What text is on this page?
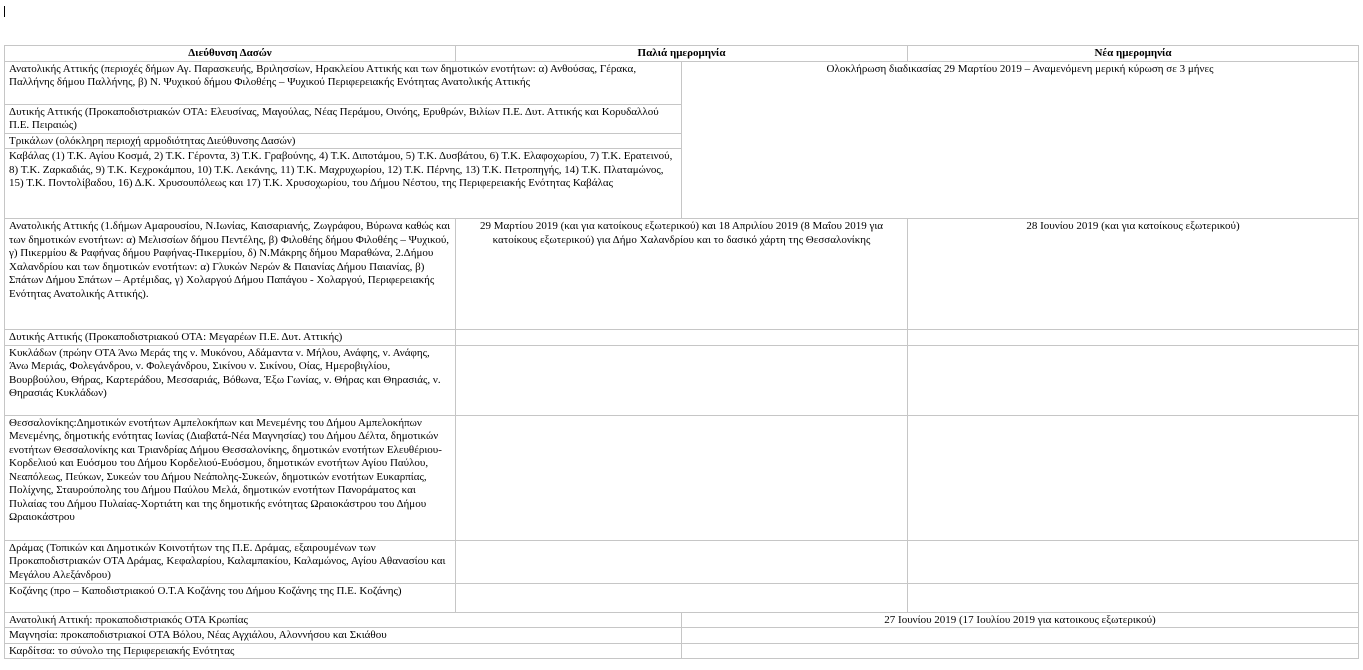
Διεύθυνση Δασών	Παλιά ημερομηνία		Νέα ημερομηνία
Ανατολικής Αττικής (περιοχές δήμων Αγ. Παρασκευής, Βριλησσίων, Ηρακλείου Αττικής και των δημοτικών ενοτήτων: α) Ανθούσας, Γέρακα, Παλλήνης δήμου Παλλήνης, β) Ν. Ψυχικού δήμου Φιλοθέης – Ψυχικού Περιφερειακής Ενότητας Ανατολικής Αττικής		Ολοκλήρωση διαδικασίας 29 Μαρτίου 2019 – Αναμενόμενη μερική κύρωση σε 3 μήνες	
Δυτικής Αττικής (Προκαποδιστριακών ΟΤΑ: Ελευσίνας, Μαγούλας, Νέας Περάμου, Οινόης, Ερυθρών, Βιλίων Π.Ε. Δυτ. Αττικής και Κορυδαλλού Π.Ε. Πειραιώς)			
Τρικάλων (ολόκληρη περιοχή αρμοδιότητας Διεύθυνσης Δασών)			
Καβάλας (1) Τ.Κ. Αγίου Κοσμά, 2) Τ.Κ. Γέροντα, 3) Τ.Κ. Γραβούνης, 4) Τ.Κ. Διποτάμου, 5) Τ.Κ. Δυσβάτου, 6) Τ.Κ. Ελαφοχωρίου, 7) Τ.Κ. Ερατεινού, 8) Τ.Κ. Ζαρκαδιάς, 9) Τ.Κ. Κεχροκάμπου, 10) Τ.Κ. Λεκάνης, 11) Τ.Κ. Μαχρυχωρίου, 12) Τ.Κ. Πέρνης, 13) Τ.Κ. Πετροπηγής, 14) Τ.Κ. Πλαταμώνος, 15) Τ.Κ. Ποντολίβαδου, 16) Δ.Κ. Χρυσουπόλεως και 17) Τ.Κ. Χρυσοχωρίου, του Δήμου Νέστου, της Περιφερειακής Ενότητας Καβάλας			
Ανατολικής Αττικής (1.δήμων Αμαρουσίου, Ν.Ιωνίας, Καισαριανής, Ζωγράφου, Βύρωνα καθώς και των δημοτικών ενοτήτων: α) Μελισσίων δήμου Πεντέλης, β) Φιλοθέης δήμου Φιλοθέης – Ψυχικού, γ) Πικερμίου & Ραφήνας δήμου Ραφήνας-Πικερμίου, δ) Ν.Μάκρης δήμου Μαραθώνα, 2.Δήμου Χαλανδρίου και των δημοτικών ενοτήτων: α) Γλυκών Νερών & Παιανίας Δήμου Παιανίας, β) Σπάτων Δήμου Σπάτων – Αρτέμιδας, γ) Χολαργού Δήμου Παπάγου - Χολαργού, Περιφερειακής Ενότητας Ανατολικής Αττικής).	29 Μαρτίου 2019 (και για κατοίκους εξωτερικού) και 18 Απριλίου 2019 (8 Μαΐου 2019 για κατοίκους εξωτερικού) για Δήμο Χαλανδρίου και το δασικό χάρτη της Θεσσαλονίκης		28 Ιουνίου 2019 (και για κατοίκους εξωτερικού)
Δυτικής Αττικής (Προκαποδιστριακού ΟΤΑ: Μεγαρέων Π.Ε. Δυτ. Αττικής)			
Κυκλάδων (πρώην ΟΤΑ Άνω Μεράς της ν. Μυκόνου, Αδάμαντα ν. Μήλου, Ανάφης, ν. Ανάφης, Άνω Μεριάς, Φολεγάνδρου, ν. Φολεγάνδρου, Σικίνου ν. Σικίνου, Οίας, Ημεροβιγλίου, Βουρβούλου, Θήρας, Καρτεράδου, Μεσσαριάς, Βόθωνα, Έξω Γωνίας, ν. Θήρας και Θηρασιάς, ν. Θηρασιάς Κυκλάδων)			
Θεσσαλονίκης:Δημοτικών ενοτήτων Αμπελοκήπων και Μενεμένης του Δήμου Αμπελοκήπων Μενεμένης, δημοτικής ενότητας Ιωνίας (Διαβατά-Νέα Μαγνησίας) του Δήμου Δέλτα, δημοτικών ενοτήτων Θεσσαλονίκης και Τριανδρίας Δήμου Θεσσαλονίκης, δημοτικών ενοτήτων Ελευθέριου-Κορδελιού και Ευόσμου του Δήμου Κορδελιού-Ευόσμου, δημοτικών ενοτήτων Αγίου Παύλου, Νεαπόλεως, Πεύκων, Συκεών του Δήμου Νεάπολης-Συκεών, δημοτικών ενοτήτων Ευκαρπίας, Πολίχνης, Σταυρούπολης του Δήμου Παύλου Μελά, δημοτικών ενοτήτων Πανοράματος και Πυλαίας του Δήμου Πυλαίας-Χορτιάτη και της δημοτικής ενότητας Ωραιοκάστρου του Δήμου Ωραιοκάστρου			
Δράμας (Τοπικών και Δημοτικών Κοινοτήτων της Π.Ε. Δράμας, εξαιρουμένων των Προκαποδιστριακών ΟΤΑ Δράμας, Κεφαλαρίου, Καλαμπακίου, Καλαμώνος, Αγίου Αθανασίου και Μεγάλου Αλεξάνδρου)			
Κοζάνης (προ – Καποδιστριακού Ο.Τ.Α Κοζάνης του Δήμου Κοζάνης της Π.Ε. Κοζάνης)			
Ανατολική Αττική: προκαποδιστριακός ΟΤΑ Κρωπίας		27 Ιουνίου 2019 (17 Ιουλίου 2019 για κατοικους εξωτερικού)	
Μαγνησία: προκαποδιστριακοί ΟΤΑ Βόλου, Νέας Αγχιάλου, Αλοννήσου και Σκιάθου			
Καρδίτσα: το σύνολο της Περιφερειακής Ενότητας			
